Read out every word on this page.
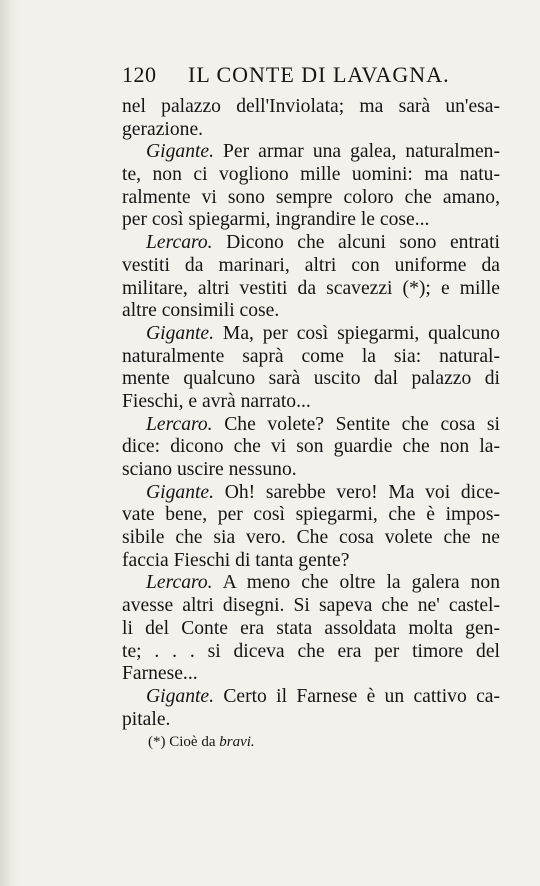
120 IL CONTE DI LAVAGNA.
nel palazzo dell'Inviolata; ma sarà un'esa-
gerazione.
Gigante. Per armar una galea, naturalmen-
te, non ci vogliono mille uomini: ma natu-
ralmente vi sono sempre coloro che amano,
per così spiegarmi, ingrandire le cose...
Lercaro. Dicono che alcuni sono entrati
vestiti da marinari, altri con uniforme da
militare, altri vestiti da scavezzi (*); e mille
altre consimili cose.
Gigante. Ma, per così spiegarmi, qualcuno
naturalmente saprà come la sia: natural-
mente qualcuno sarà uscito dal palazzo di
Fieschi, e avrà narrato...
Lercaro. Che volete? Sentite che cosa si
dice: dicono che vi son guardie che non la-
sciano uscire nessuno.
Gigante. Oh! sarebbe vero! Ma voi dice-
vate bene, per così spiegarmi, che è impos-
sibile che sia vero. Che cosa volete che ne
faccia Fieschi di tanta gente?
Lercaro. A meno che oltre la galera non
avesse altri disegni. Si sapeva che ne' castel-
li del Conte era stata assoldata molta gen-
te; . . . si diceva che era per timore del
Farnese...
Gigante. Certo il Farnese è un cattivo ca-
pitale.
(*) Cioè da bravi.
